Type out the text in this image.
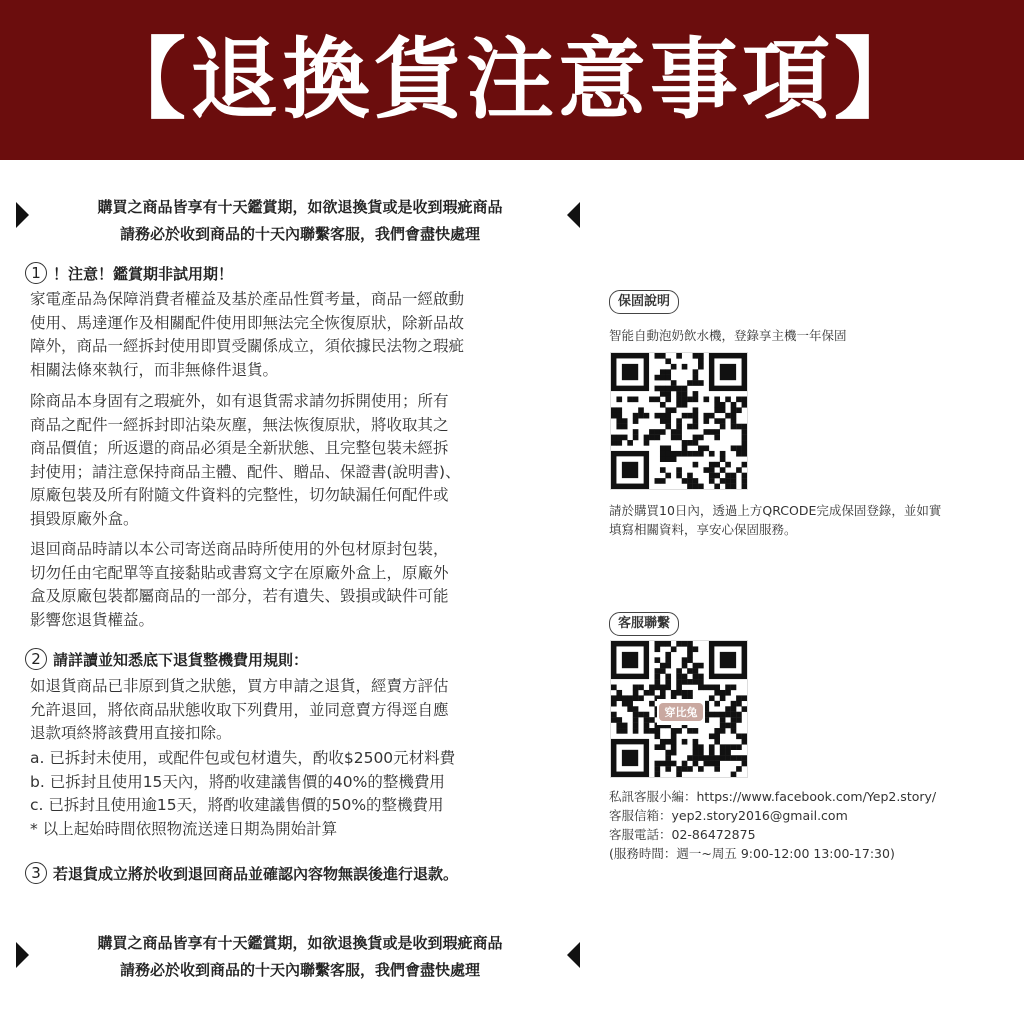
【退換貨注意事項】
購買之商品皆享有十天鑑賞期，如欲退換貨或是收到瑕疵商品
請務必於收到商品的十天內聯繫客服，我們會盡快處理
1 ！注意！鑑賞期非試用期！
家電產品為保障消費者權益及基於產品性質考量，商品一經啟動
使用、馬達運作及相關配件使用即無法完全恢復原狀，除新品故
障外，商品一經拆封使用即買受關係成立，須依據民法物之瑕疵
相關法條來執行，而非無條件退貨。
除商品本身固有之瑕疵外，如有退貨需求請勿拆開使用；所有
商品之配件一經拆封即沾染灰塵，無法恢復原狀，將收取其之
商品價值；所返還的商品必須是全新狀態、且完整包裝未經拆
封使用；請注意保持商品主體、配件、贈品、保證書(說明書)、
原廠包裝及所有附隨文件資料的完整性，切勿缺漏任何配件或
損毀原廠外盒。
退回商品時請以本公司寄送商品時所使用的外包材原封包裝，
切勿任由宅配單等直接黏貼或書寫文字在原廠外盒上，原廠外
盒及原廠包裝都屬商品的一部分，若有遺失、毀損或缺件可能
影響您退貨權益。
2 請詳讀並知悉底下退貨整機費用規則：
如退貨商品已非原到貨之狀態，買方申請之退貨，經賣方評估
允許退回，將依商品狀態收取下列費用，並同意賣方得逕自應
退款項終將該費用直接扣除。
a. 已拆封未使用，或配件包或包材遺失，酌收$2500元材料費
b. 已拆封且使用15天內，將酌收建議售價的40%的整機費用
c. 已拆封且使用逾15天，將酌收建議售價的50%的整機費用
* 以上起始時間依照物流送達日期為開始計算
3 若退貨成立將於收到退回商品並確認內容物無誤後進行退款。
購買之商品皆享有十天鑑賞期，如欲退換貨或是收到瑕疵商品
請務必於收到商品的十天內聯繫客服，我們會盡快處理
保固說明
智能自動泡奶飲水機，登錄享主機一年保固
請於購買10日內，透過上方QRCODE完成保固登錄，並如實
填寫相關資料，享安心保固服務。
客服聯繫
穿比兔
私訊客服小編：https://www.facebook.com/Yep2.story/
客服信箱：yep2.story2016@gmail.com
客服電話：02-86472875
(服務時間：週一~周五 9:00-12:00 13:00-17:30)
